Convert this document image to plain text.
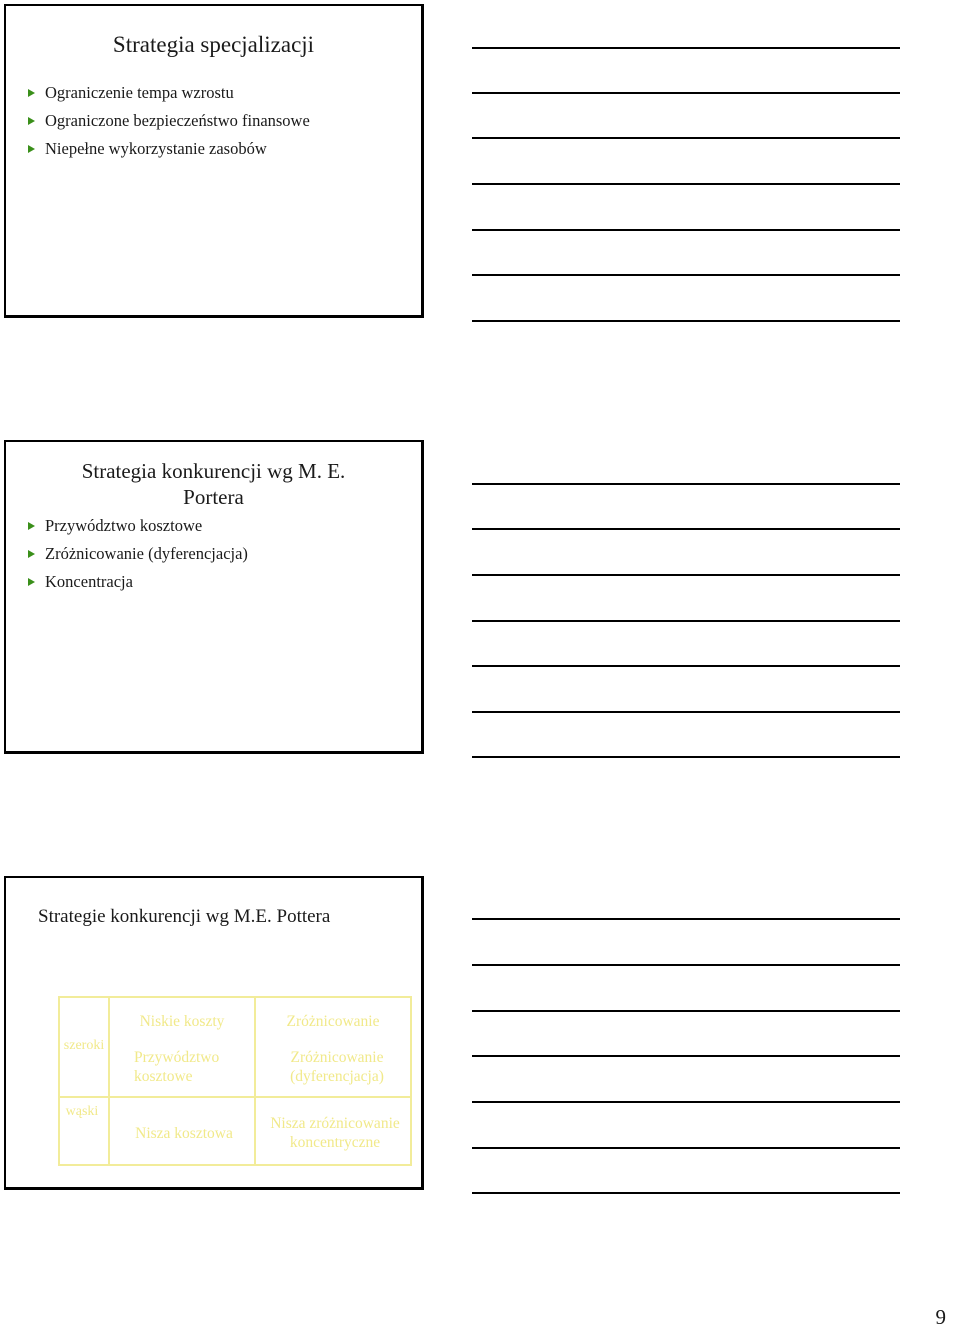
Strategia specjalizacji
Ograniczenie tempa wzrostu
Ograniczone bezpieczeństwo finansowe
Niepełne wykorzystanie zasobów
Strategia konkurencji wg M. E.
Portera
Przywództwo kosztowe
Zróżnicowanie (dyferencjacja)
Koncentracja
Strategie konkurencji wg M.E. Pottera
Niskie koszty	Zróżnicowanie
szeroki
wąski
Przywództwo kosztowe
Zróżnicowanie (dyferencjacja)
Nisza kosztowa
Nisza zróżnicowanie koncentryczne
9
